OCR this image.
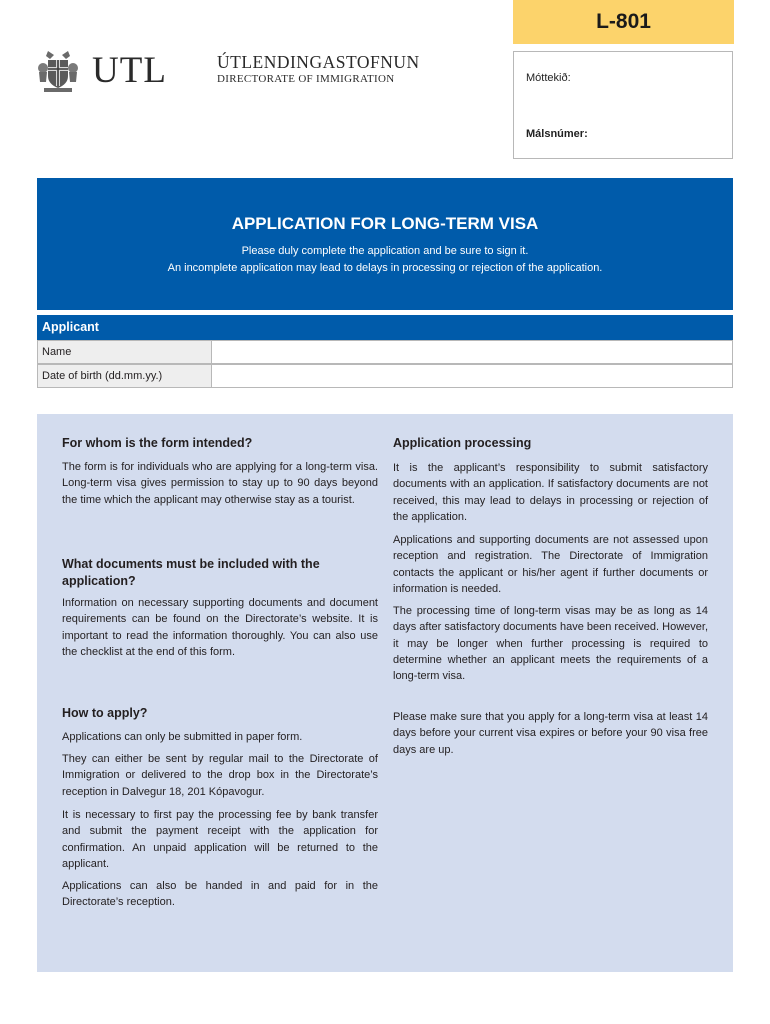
L-801
Móttekið:
Málsnúmer:
UTL	ÚTLENDINGASTOFNUN
DIRECTORATE OF IMMIGRATION
APPLICATION FOR LONG-TERM VISA
Please duly complete the application and be sure to sign it.
An incomplete application may lead to delays in processing or rejection of the application.
Applicant
Name
Date of birth (dd.mm.yy.)
For whom is the form intended?
The form is for individuals who are applying for a long-term visa. Long-term visa gives permission to stay up to 90 days beyond the time which the applicant may otherwise stay as a tourist.
What documents must be included with the application?
Information on necessary supporting documents and document requirements can be found on the Directorate’s website. It is important to read the information thoroughly. You can also use the checklist at the end of this form.
How to apply?
Applications can only be submitted in paper form.
They can either be sent by regular mail to the Directorate of Immigration or delivered to the drop box in the Directorate’s reception in Dalvegur 18, 201 Kópavogur.
It is necessary to first pay the processing fee by bank transfer and submit the payment receipt with the application for confirmation. An unpaid application will be returned to the applicant.
Applications can also be handed in and paid for in the Directorate’s reception.
Application processing
It is the applicant’s responsibility to submit satisfactory documents with an application. If satisfactory documents are not received, this may lead to delays in processing or rejection of the application.
Applications and supporting documents are not assessed upon reception and registration. The Directorate of Immigration contacts the applicant or his/her agent if further documents or information is needed.
The processing time of long-term visas may be as long as 14 days after satisfactory documents have been received. However, it may be longer when further processing is required to determine whether an applicant meets the requirements of a long-term visa.
Please make sure that you apply for a long-term visa at least 14 days before your current visa expires or before your 90 visa free days are up.
